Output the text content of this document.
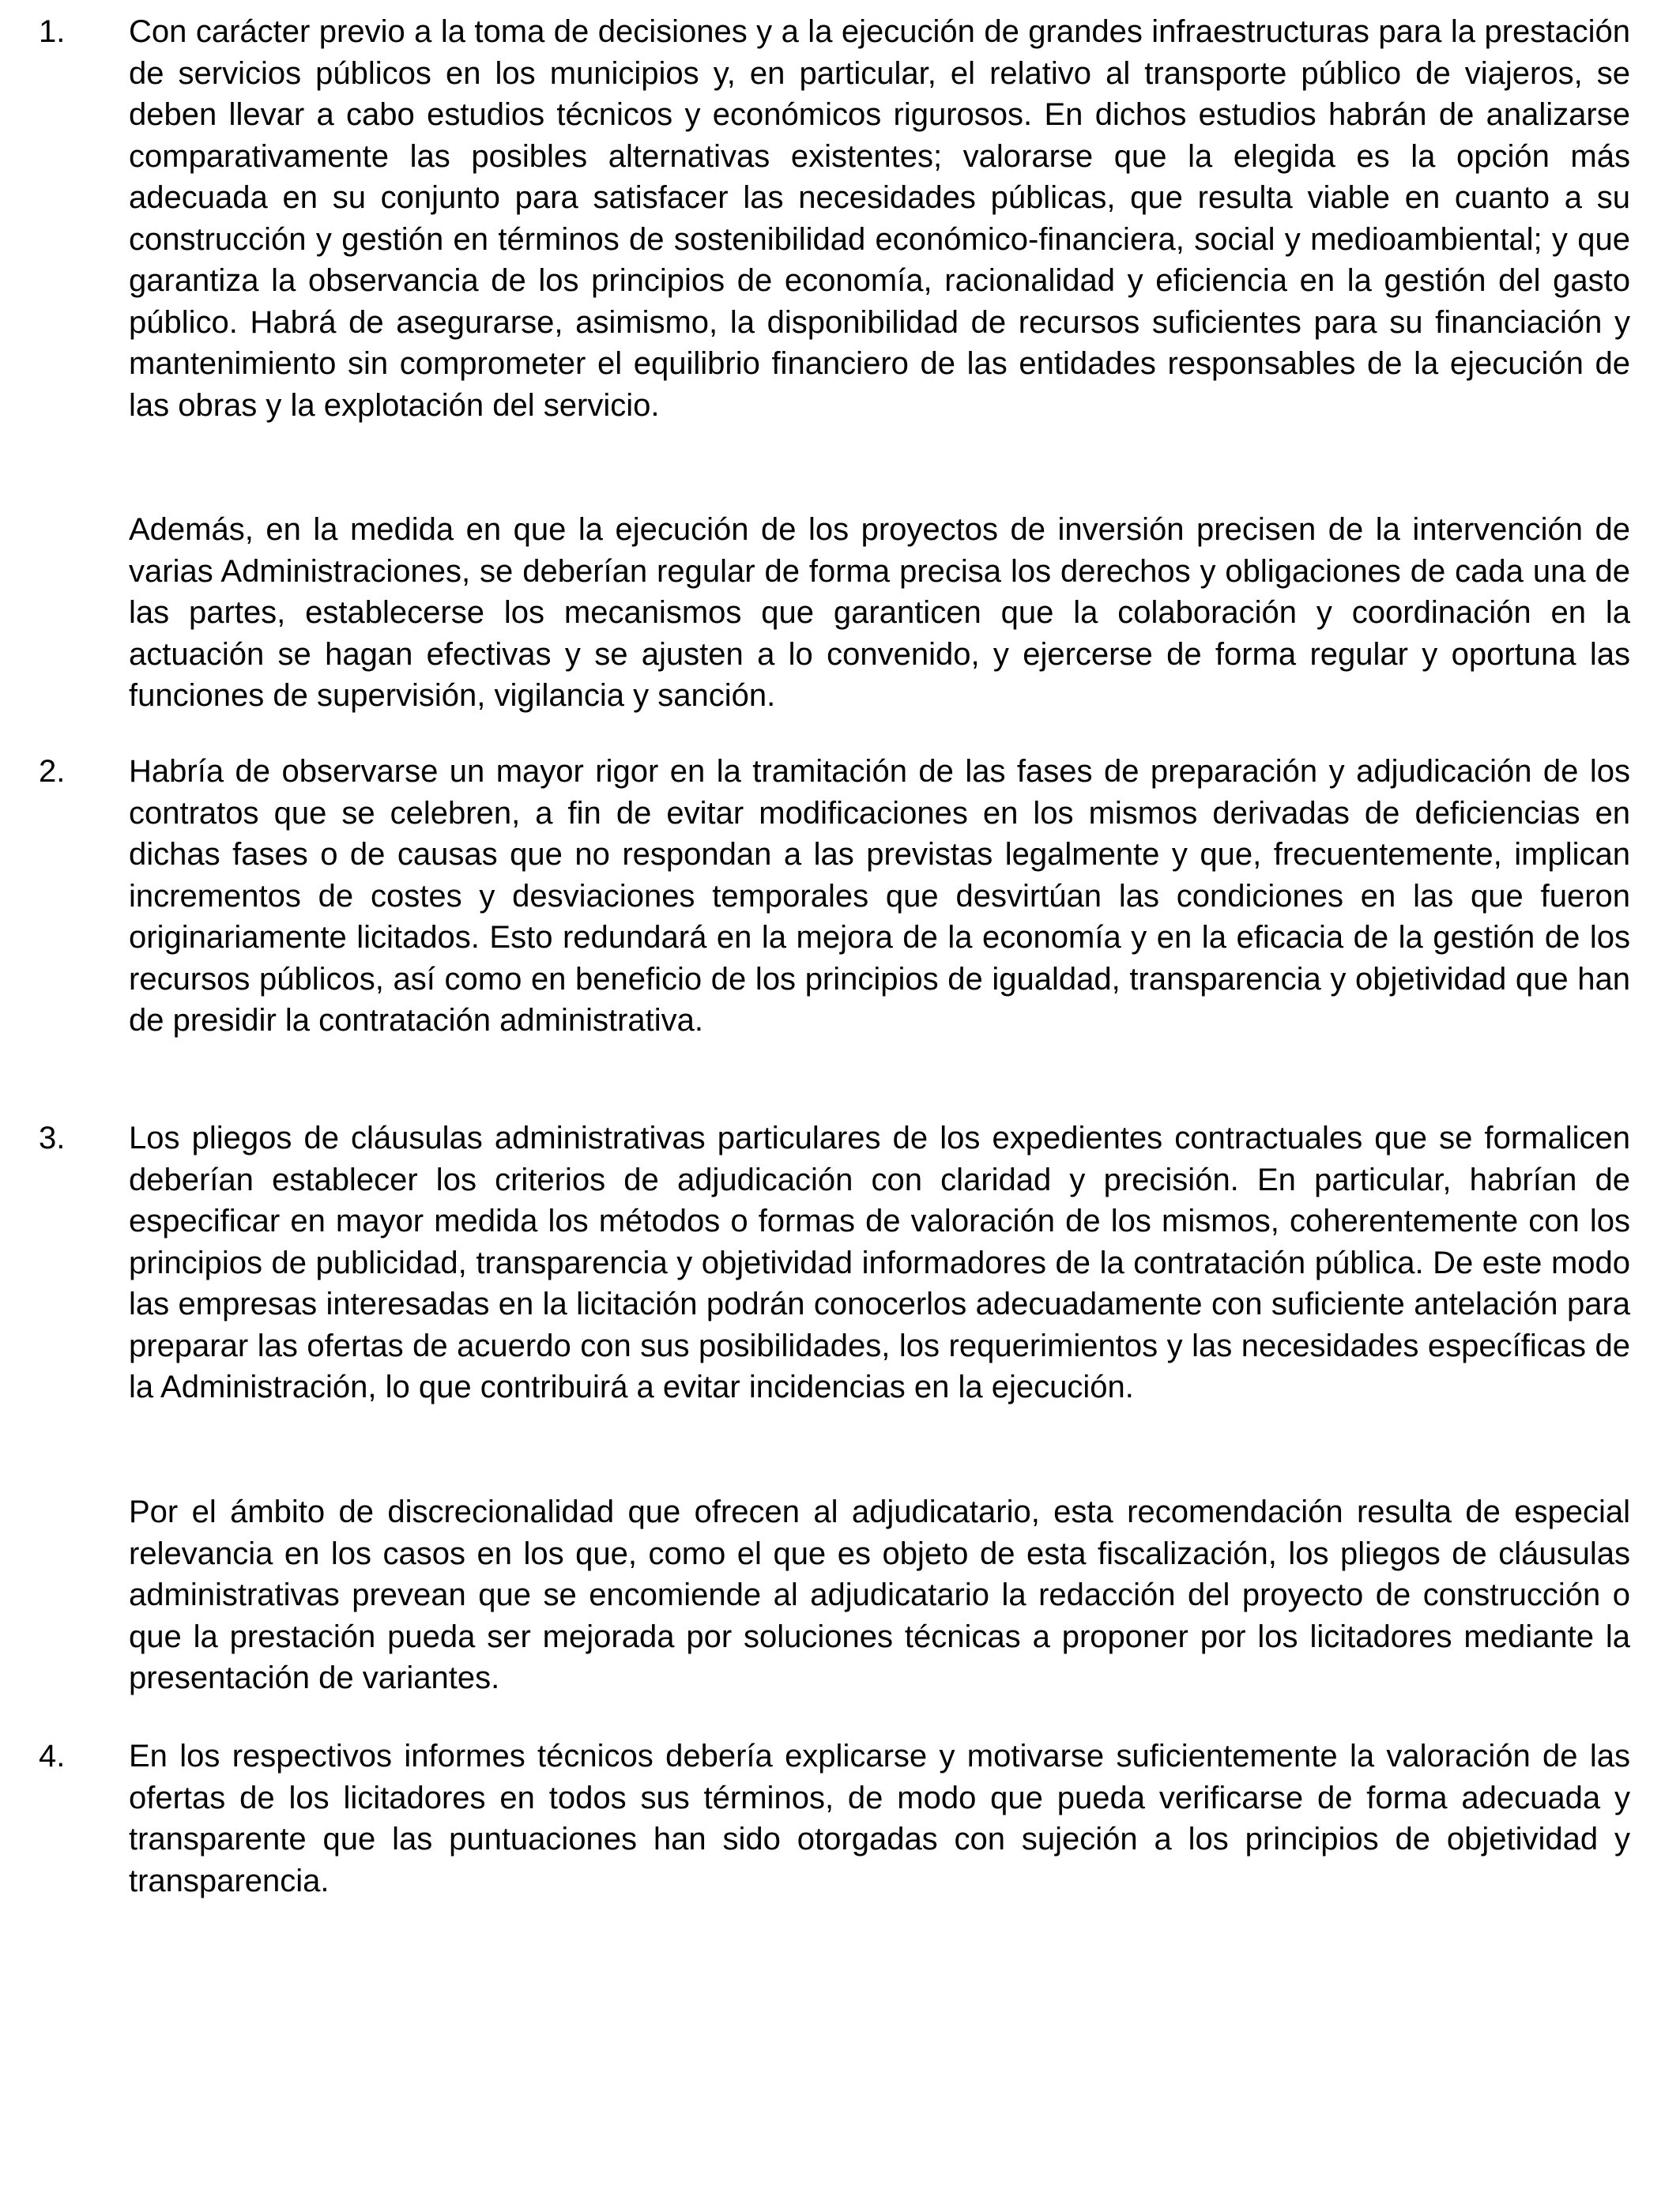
1.	Con carácter previo a la toma de decisiones y a la ejecución de grandes infraestructuras para la prestación de servicios públicos en los municipios y, en particular, el relativo al transporte público de viajeros, se deben llevar a cabo estudios técnicos y económicos rigurosos. En dichos estudios habrán de analizarse comparativamente las posibles alternativas existentes; valorarse que la elegida es la opción más adecuada en su conjunto para satisfacer las necesidades públicas, que resulta viable en cuanto a su construcción y gestión en términos de sostenibilidad económico-financiera, social y medioambiental; y que garantiza la observancia de los principios de economía, racionalidad y eficiencia en la gestión del gasto público. Habrá de asegurarse, asimismo, la disponibilidad de recursos suficientes para su financiación y mantenimiento sin comprometer el equilibrio financiero de las entidades responsables de la ejecución de las obras y la explotación del servicio.

Además, en la medida en que la ejecución de los proyectos de inversión precisen de la intervención de varias Administraciones, se deberían regular de forma precisa los derechos y obligaciones de cada una de las partes, establecerse los mecanismos que garanticen que la colaboración y coordinación en la actuación se hagan efectivas y se ajusten a lo convenido, y ejercerse de forma regular y oportuna las funciones de supervisión, vigilancia y sanción.

2.	Habría de observarse un mayor rigor en la tramitación de las fases de preparación y adjudicación de los contratos que se celebren, a fin de evitar modificaciones en los mismos derivadas de deficiencias en dichas fases o de causas que no respondan a las previstas legalmente y que, frecuentemente, implican incrementos de costes y desviaciones temporales que desvirtúan las condiciones en las que fueron originariamente licitados. Esto redundará en la mejora de la economía y en la eficacia de la gestión de los recursos públicos, así como en beneficio de los principios de igualdad, transparencia y objetividad que han de presidir la contratación administrativa.

3.	Los pliegos de cláusulas administrativas particulares de los expedientes contractuales que se formalicen deberían establecer los criterios de adjudicación con claridad y precisión. En particular, habrían de especificar en mayor medida los métodos o formas de valoración de los mismos, coherentemente con los principios de publicidad, transparencia y objetividad informadores de la contratación pública. De este modo las empresas interesadas en la licitación podrán conocerlos adecuadamente con suficiente antelación para preparar las ofertas de acuerdo con sus posibilidades, los requerimientos y las necesidades específicas de la Administración, lo que contribuirá a evitar incidencias en la ejecución.

Por el ámbito de discrecionalidad que ofrecen al adjudicatario, esta recomendación resulta de especial relevancia en los casos en los que, como el que es objeto de esta fiscalización, los pliegos de cláusulas administrativas prevean que se encomiende al adjudicatario la redacción del proyecto de construcción o que la prestación pueda ser mejorada por soluciones técnicas a proponer por los licitadores mediante la presentación de variantes.

4.	En los respectivos informes técnicos debería explicarse y motivarse suficientemente la valoración de las ofertas de los licitadores en todos sus términos, de modo que pueda verificarse de forma adecuada y transparente que las puntuaciones han sido otorgadas con sujeción a los principios de objetividad y transparencia.
